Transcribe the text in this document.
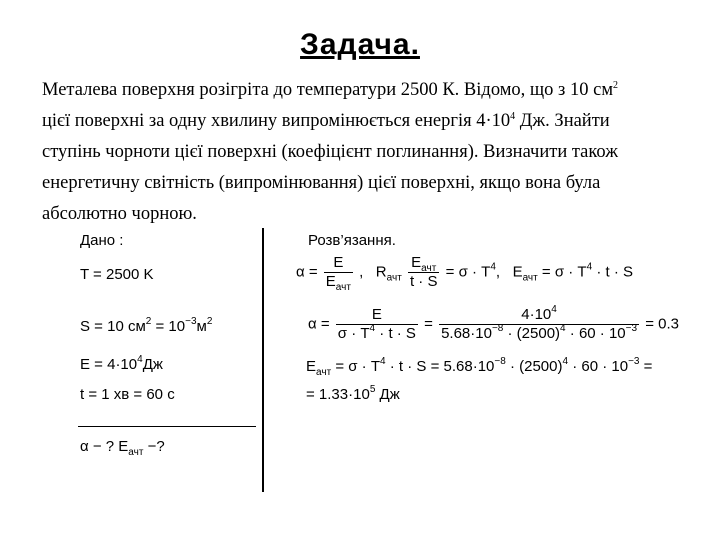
Задача.
Металева поверхня розігріта до температури 2500 К. Відомо, що з 10 $см^2$
цієї поверхні за одну хвилину випромінюється енергія $4\cdot 10^4$ Дж. Знайти
ступінь чорноти цієї поверхні (коефіцієнт поглинання). Визначити також
енергетичну світність (випромінювання) цієї поверхні, якщо вона була
абсолютно чорною.
Дано :
T = 2500 K
S = 10 $см^2 = 10^{-3}м^2$
$E = 4\cdot 10^4Дж$
t = 1 хв = 60 с
α − ? $E_{ачт}$ −?
Розв’язання.
$\alpha = \frac{E}{E_{ачт}}$ , $R_{ачт} \frac{E_{ачт}}{t \cdot S} = \sigma \cdot T^4$, $E_{ачт} = \sigma \cdot T^4 \cdot t \cdot S$
$\alpha = \frac{E}{\sigma \cdot T^4 \cdot t \cdot S} = \frac{4\cdot 10^4}{5.68\cdot 10^{-8} \cdot (2500)^4 \cdot 60 \cdot 10^{-3}} = 0.3$
$E_{ачт} = \sigma \cdot T^4 \cdot t \cdot S = 5.68\cdot 10^{-8} \cdot (2500)^4 \cdot 60 \cdot 10^{-3}$ =
= $1.33\cdot 10^5$ Дж
